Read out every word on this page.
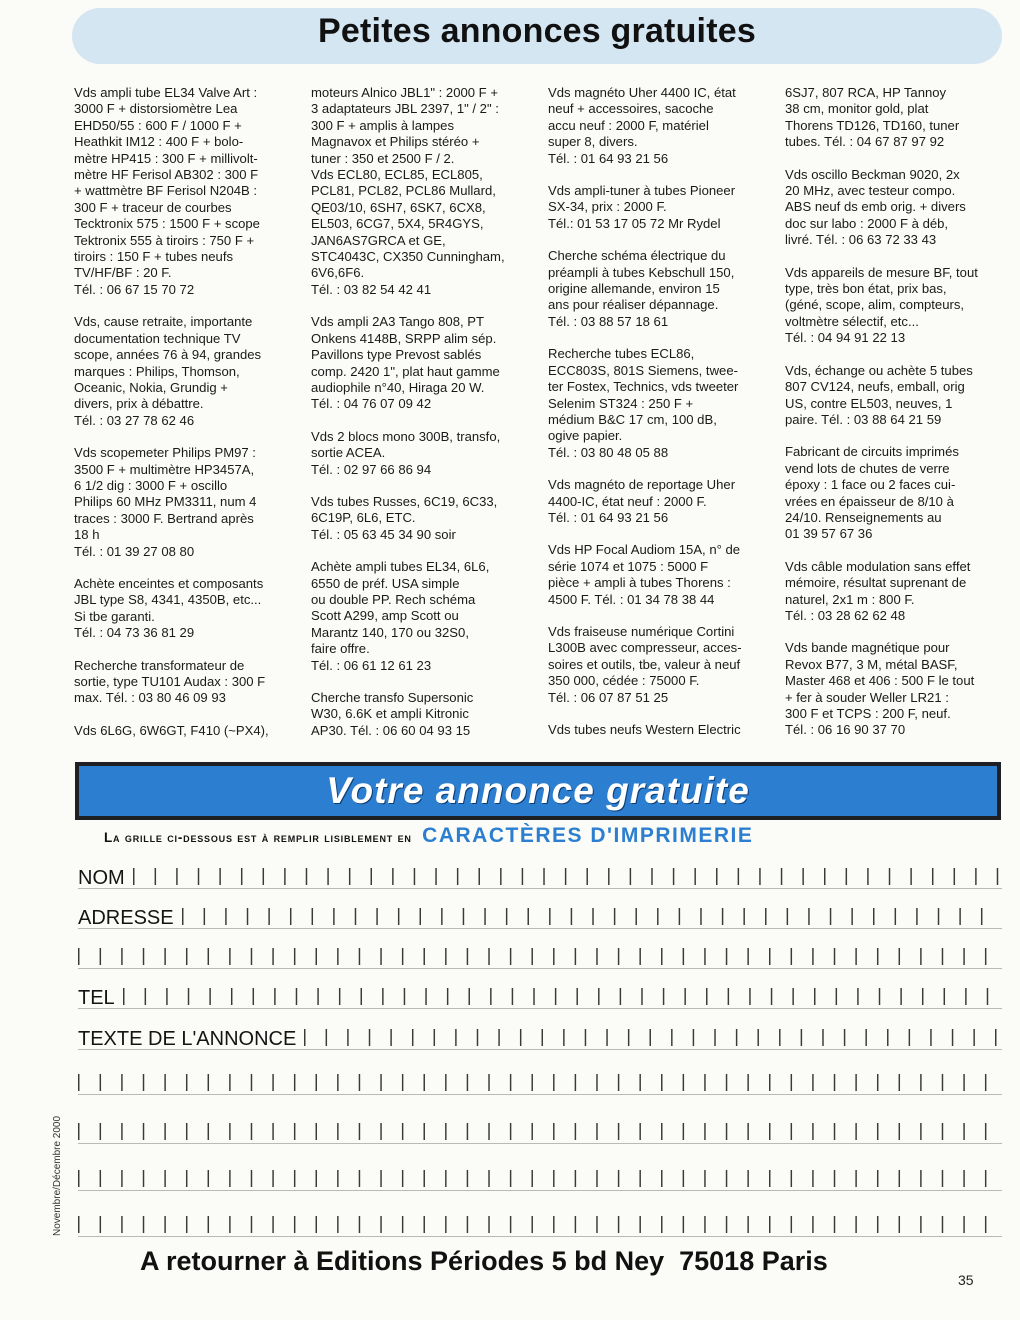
Petites annonces gratuites

Vds ampli tube EL34 Valve Art :
3000 F + distorsiomètre Lea
EHD50/55 : 600 F / 1000 F +
Heathkit IM12 : 400 F + bolo-
mètre HP415 : 300 F + millivolt-
mètre HF Ferisol AB302 : 300 F
+ wattmètre BF Ferisol N204B :
300 F + traceur de courbes
Tecktronix 575 : 1500 F + scope
Tektronix 555 à tiroirs : 750 F +
tiroirs : 150 F + tubes neufs
TV/HF/BF : 20 F.
Tél. : 06 67 15 70 72

Vds, cause retraite, importante
documentation technique TV
scope, années 76 à 94, grandes
marques : Philips, Thomson,
Oceanic, Nokia, Grundig +
divers, prix à débattre.
Tél. : 03 27 78 62 46

Vds scopemeter Philips PM97 :
3500 F + multimètre HP3457A,
6 1/2 dig : 3000 F + oscillo
Philips 60 MHz PM3311, num 4
traces : 3000 F. Bertrand après
18 h
Tél. : 01 39 27 08 80

Achète enceintes et composants
JBL type S8, 4341, 4350B, etc...
Si tbe garanti.
Tél. : 04 73 36 81 29

Recherche transformateur de
sortie, type TU101 Audax : 300 F
max. Tél. : 03 80 46 09 93

Vds 6L6G, 6W6GT, F410 (~PX4),

moteurs Alnico JBL1" : 2000 F +
3 adaptateurs JBL 2397, 1" / 2" :
300 F + amplis à lampes
Magnavox et Philips stéréo +
tuner : 350 et 2500 F / 2.
Vds ECL80, ECL85, ECL805,
PCL81, PCL82, PCL86 Mullard,
QE03/10, 6SH7, 6SK7, 6CX8,
EL503, 6CG7, 5X4, 5R4GYS,
JAN6AS7GRCA et GE,
STC4043C, CX350 Cunningham,
6V6,6F6.
Tél. : 03 82 54 42 41

Vds ampli 2A3 Tango 808, PT
Onkens 4148B, SRPP alim sép.
Pavillons type Prevost sablés
comp. 2420 1", plat haut gamme
audiophile n°40, Hiraga 20 W.
Tél. : 04 76 07 09 42

Vds 2 blocs mono 300B, transfo,
sortie ACEA.
Tél. : 02 97 66 86 94

Vds tubes Russes, 6C19, 6C33,
6C19P, 6L6, ETC.
Tél. : 05 63 45 34 90 soir

Achète ampli tubes EL34, 6L6,
6550 de préf. USA simple
ou double PP. Rech schéma
Scott A299, amp Scott ou
Marantz 140, 170 ou 32S0,
faire offre.
Tél. : 06 61 12 61 23

Cherche transfo Supersonic
W30, 6.6K et ampli Kitronic
AP30. Tél. : 06 60 04 93 15

Vds magnéto Uher 4400 IC, état
neuf + accessoires, sacoche
accu neuf : 2000 F, matériel
super 8, divers.
Tél. : 01 64 93 21 56

Vds ampli-tuner à tubes Pioneer
SX-34, prix : 2000 F.
Tél.: 01 53 17 05 72 Mr Rydel

Cherche schéma électrique du
préampli à tubes Kebschull 150,
origine allemande, environ 15
ans pour réaliser dépannage.
Tél. : 03 88 57 18 61

Recherche tubes ECL86,
ECC803S, 801S Siemens, twee-
ter Fostex, Technics, vds tweeter
Selenim ST324 : 250 F +
médium B&C 17 cm, 100 dB,
ogive papier.
Tél. : 03 80 48 05 88

Vds magnéto de reportage Uher
4400-IC, état neuf : 2000 F.
Tél. : 01 64 93 21 56

Vds HP Focal Audiom 15A, n° de
série 1074 et 1075 : 5000 F
pièce + ampli à tubes Thorens :
4500 F. Tél. : 01 34 78 38 44

Vds fraiseuse numérique Cortini
L300B avec compresseur, acces-
soires et outils, tbe, valeur à neuf
350 000, cédée : 75000 F.
Tél. : 06 07 87 51 25

Vds tubes neufs Western Electric

6SJ7, 807 RCA, HP Tannoy
38 cm, monitor gold, plat
Thorens TD126, TD160, tuner
tubes. Tél. : 04 67 87 97 92

Vds oscillo Beckman 9020, 2x
20 MHz, avec testeur compo.
ABS neuf ds emb orig. + divers
doc sur labo : 2000 F à déb,
livré. Tél. : 06 63 72 33 43

Vds appareils de mesure BF, tout
type, très bon état, prix bas,
(géné, scope, alim, compteurs,
voltmètre sélectif, etc...
Tél. : 04 94 91 22 13

Vds, échange ou achète 5 tubes
807 CV124, neufs, emball, orig
US, contre EL503, neuves, 1
paire. Tél. : 03 88 64 21 59

Fabricant de circuits imprimés
vend lots de chutes de verre
époxy : 1 face ou 2 faces cui-
vrées en épaisseur de 8/10 à
24/10. Renseignements au
01 39 57 67 36

Vds câble modulation sans effet
mémoire, résultat suprenant de
naturel, 2x1 m : 800 F.
Tél. : 03 28 62 62 48

Vds bande magnétique pour
Revox B77, 3 M, métal BASF,
Master 468 et 406 : 500 F le tout
+ fer à souder Weller LR21 :
300 F et TCPS : 200 F, neuf.
Tél. : 06 16 90 37 70

Votre annonce gratuite
La grille ci-dessous est à remplir lisiblement en CARACTÈRES D'IMPRIMERIE
NOM
ADRESSE
TEL
TEXTE DE L'ANNONCE
Novembre/Décembre 2000
A retourner à Editions Périodes 5 bd Ney  75018 Paris
35
